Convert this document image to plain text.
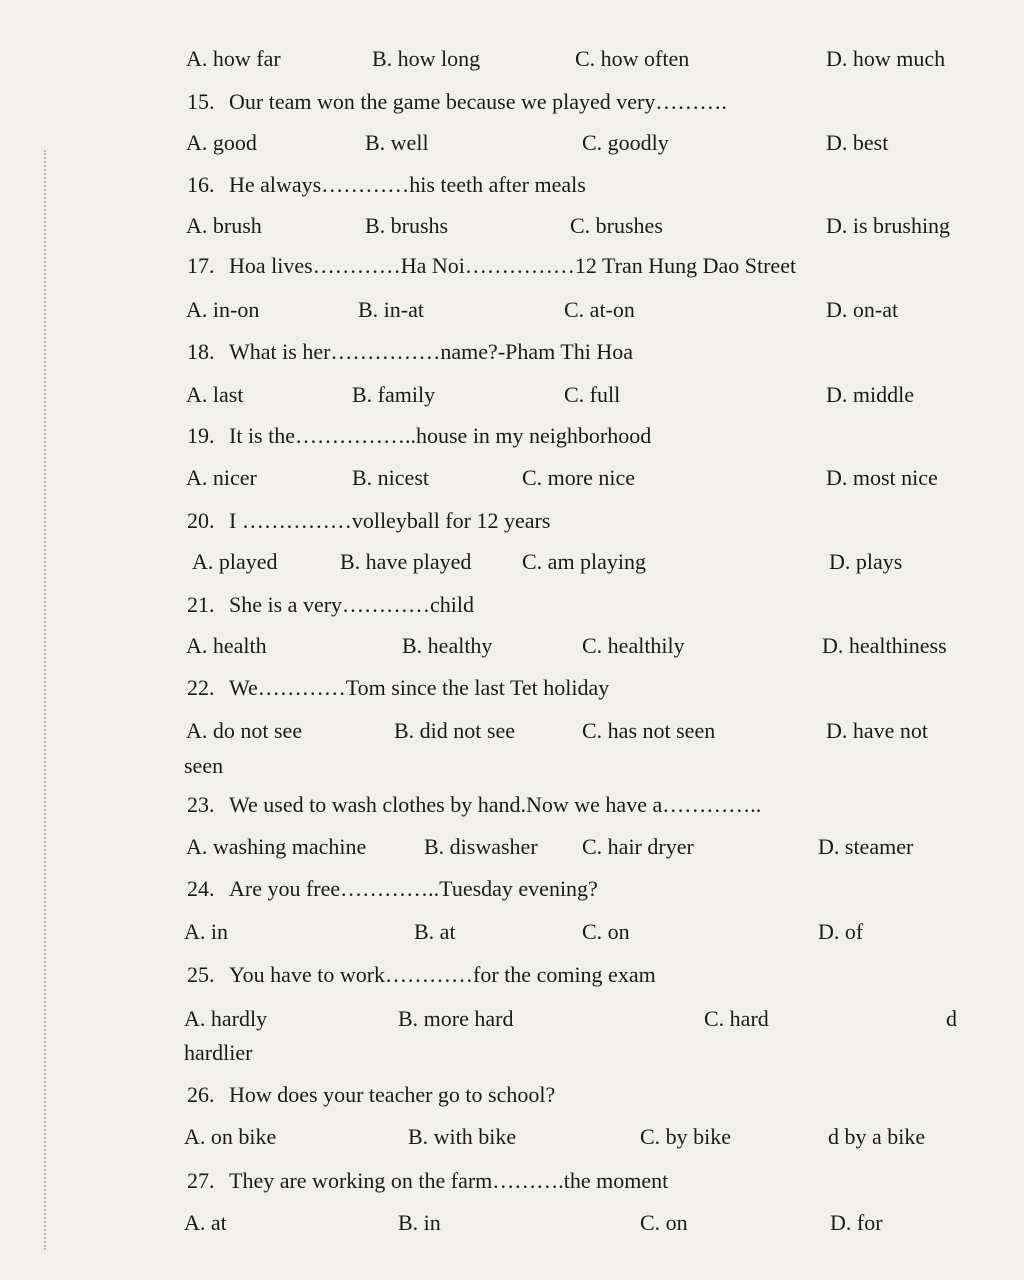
A. how far	B. how long	C. how often	D. how much
15. Our team won the game because we played very……….
A. good	B. well	C. goodly	D. best
16. He always…………his teeth after meals
A. brush	B. brushs	C. brushes	D. is brushing
17. Hoa lives…………Ha Noi……………12 Tran Hung Dao Street
A. in-on	B. in-at	C. at-on	D. on-at
18. What is her……………name?-Pham Thi Hoa
A. last	B. family	C. full	D. middle
19. It is the……………..house in my neighborhood
A. nicer	B. nicest	C. more nice	D. most nice
20. I ……………volleyball for 12 years
A. played	B. have played C. am playing	D. plays
21. She is a very…………child
A. health	B. healthy	C. healthily	D. healthiness
22. We…………Tom since the last Tet holiday
A. do not see	B. did not see	C. has not seen	D. have not
seen
23. We used to wash clothes by hand.Now we have a…………..
A. washing machine	B. diswasher C. hair dryer	D. steamer
24. Are you free…………..Tuesday evening?
A. in	B. at	C. on	D. of
25. You have to work…………for the coming exam
A. hardly	B. more hard	C. hard	d
hardlier
26. How does your teacher go to school?
A. on bike	B. with bike	C. by bike	d by a bike
27. They are working on the farm……….the moment
A. at	B. in	C. on	D. for
